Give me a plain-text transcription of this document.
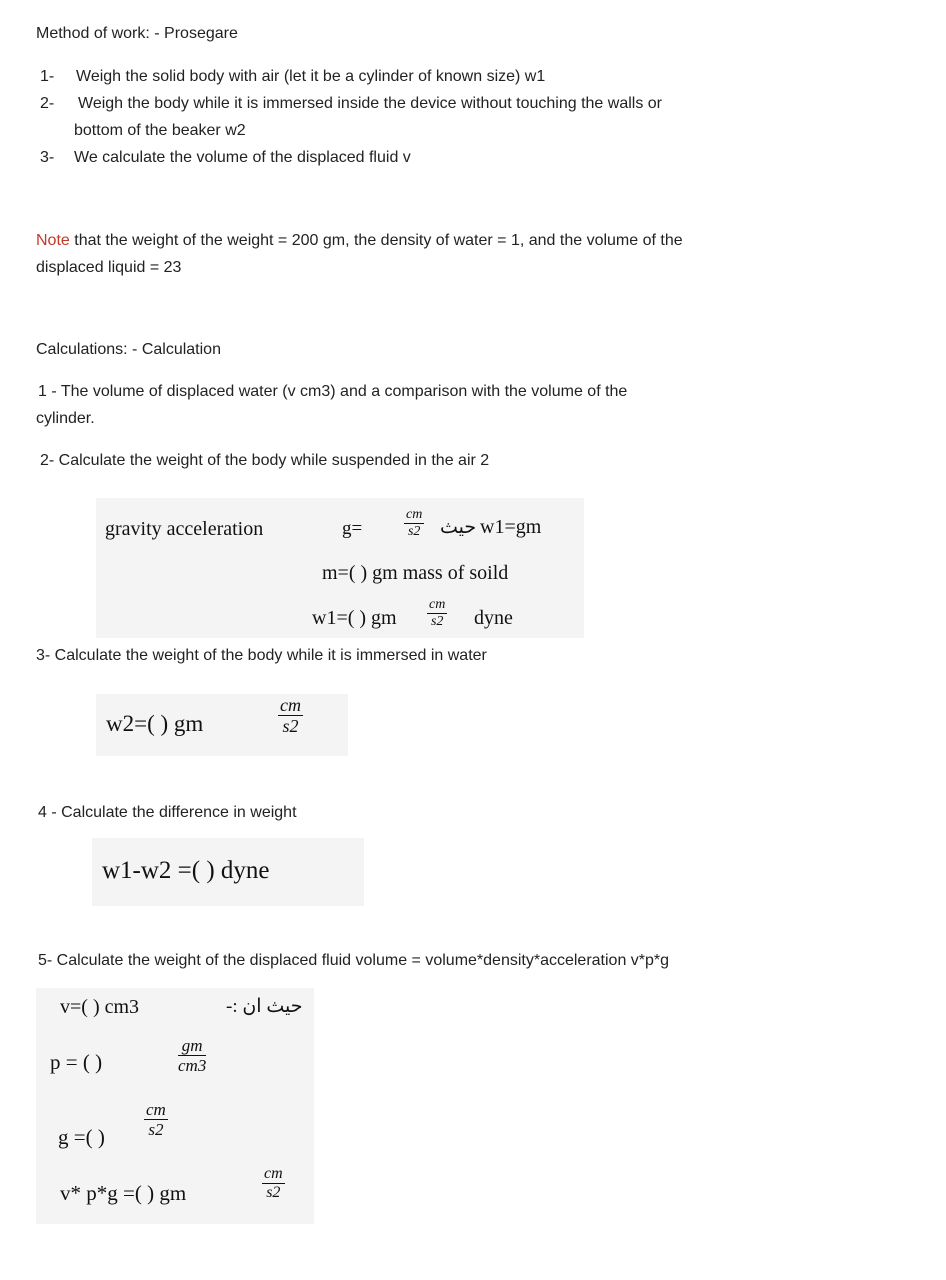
Method of work: - Prosegare
1- Weigh the solid body with air (let it be a cylinder of known size) w1
2- Weigh the body while it is immersed inside the device without touching the walls or
bottom of the beaker w2
3- We calculate the volume of the displaced fluid v
Note that the weight of the weight = 200 gm, the density of water = 1, and the volume of the
displaced liquid = 23
Calculations: - Calculation
1 - The volume of displaced water (v cm3) and a comparison with the volume of the
cylinder.
2- Calculate the weight of the body while suspended in the air 2
gravity acceleration	g=	$\frac{cm}{s2}$ حيث w1=gm
m=( ) gm mass of soild
w1=( ) gm $\frac{cm}{s2}$ dyne
3- Calculate the weight of the body while it is immersed in water
w2=( ) gm	$\frac{cm}{s2}$
4 - Calculate the difference in weight
w1-w2 =( ) dyne
5- Calculate the weight of the displaced fluid volume = volume*density*acceleration v*p*g
v=( ) cm3	حيث ان :-
p = ( )	$\frac{gm}{cm3}$
g =( ) $\frac{cm}{s2}$
v* p*g =( ) gm	$\frac{cm}{s2}$
